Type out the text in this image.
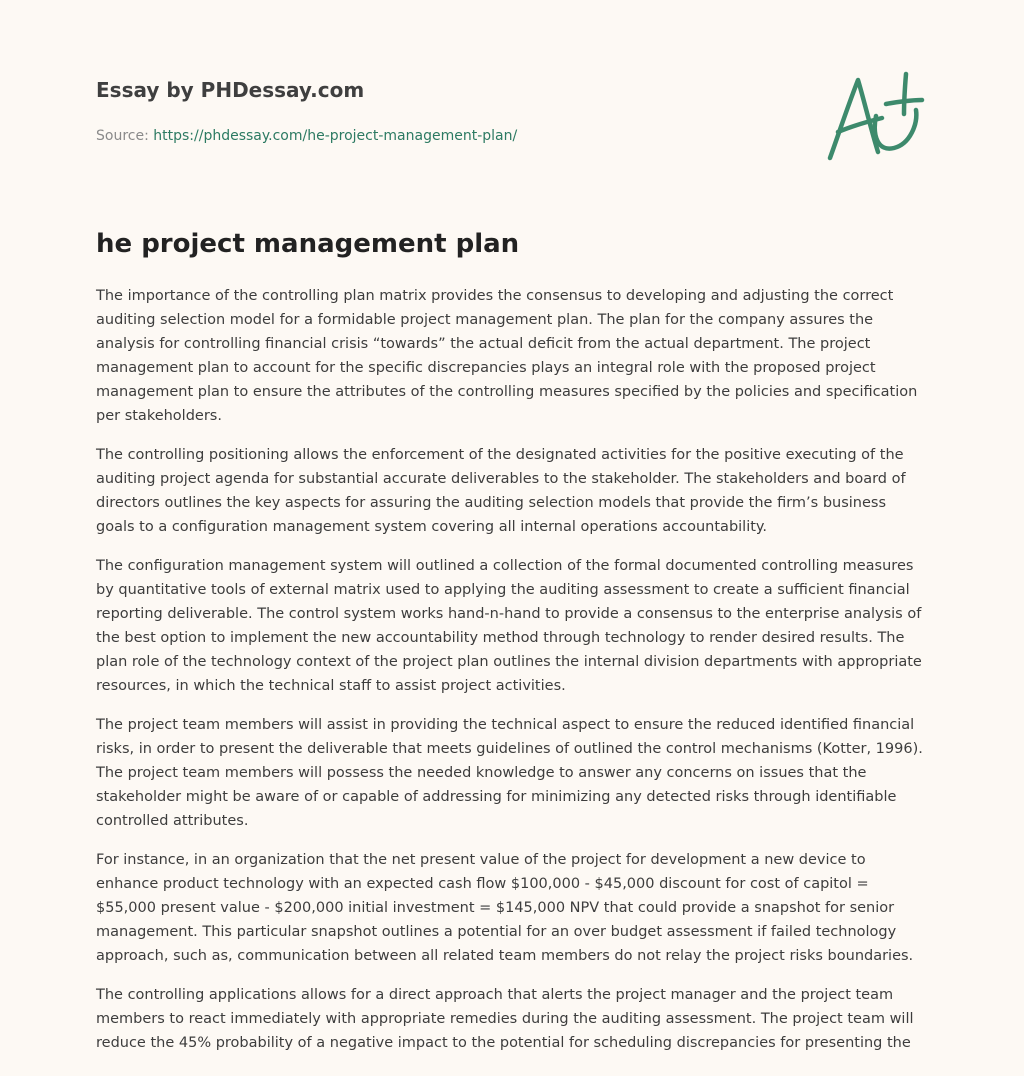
Essay by PHDessay.com
Source: https://phdessay.com/he-project-management-plan/
he project management plan

The importance of the controlling plan matrix provides the consensus to developing and adjusting the correct auditing selection model for a formidable project management plan. The plan for the company assures the analysis for controlling financial crisis “towards” the actual deficit from the actual department. The project management plan to account for the specific discrepancies plays an integral role with the proposed project management plan to ensure the attributes of the controlling measures specified by the policies and specification per stakeholders.

The controlling positioning allows the enforcement of the designated activities for the positive executing of the auditing project agenda for substantial accurate deliverables to the stakeholder. The stakeholders and board of directors outlines the key aspects for assuring the auditing selection models that provide the firm’s business goals to a configuration management system covering all internal operations accountability.

The configuration management system will outlined a collection of the formal documented controlling measures by quantitative tools of external matrix used to applying the auditing assessment to create a sufficient financial reporting deliverable. The control system works hand-n-hand to provide a consensus to the enterprise analysis of the best option to implement the new accountability method through technology to render desired results. The plan role of the technology context of the project plan outlines the internal division departments with appropriate resources, in which the technical staff to assist project activities.

The project team members will assist in providing the technical aspect to ensure the reduced identified financial risks, in order to present the deliverable that meets guidelines of outlined the control mechanisms (Kotter, 1996). The project team members will possess the needed knowledge to answer any concerns on issues that the stakeholder might be aware of or capable of addressing for minimizing any detected risks through identifiable controlled attributes.

For instance, in an organization that the net present value of the project for development a new device to enhance product technology with an expected cash flow $100,000 - $45,000 discount for cost of capitol = $55,000 present value - $200,000 initial investment = $145,000 NPV that could provide a snapshot for senior management. This particular snapshot outlines a potential for an over budget assessment if failed technology approach, such as, communication between all related team members do not relay the project risks boundaries.

The controlling applications allows for a direct approach that alerts the project manager and the project team members to react immediately with appropriate remedies during the auditing assessment. The project team will reduce the 45% probability of a negative impact to the potential for scheduling discrepancies for presenting the
